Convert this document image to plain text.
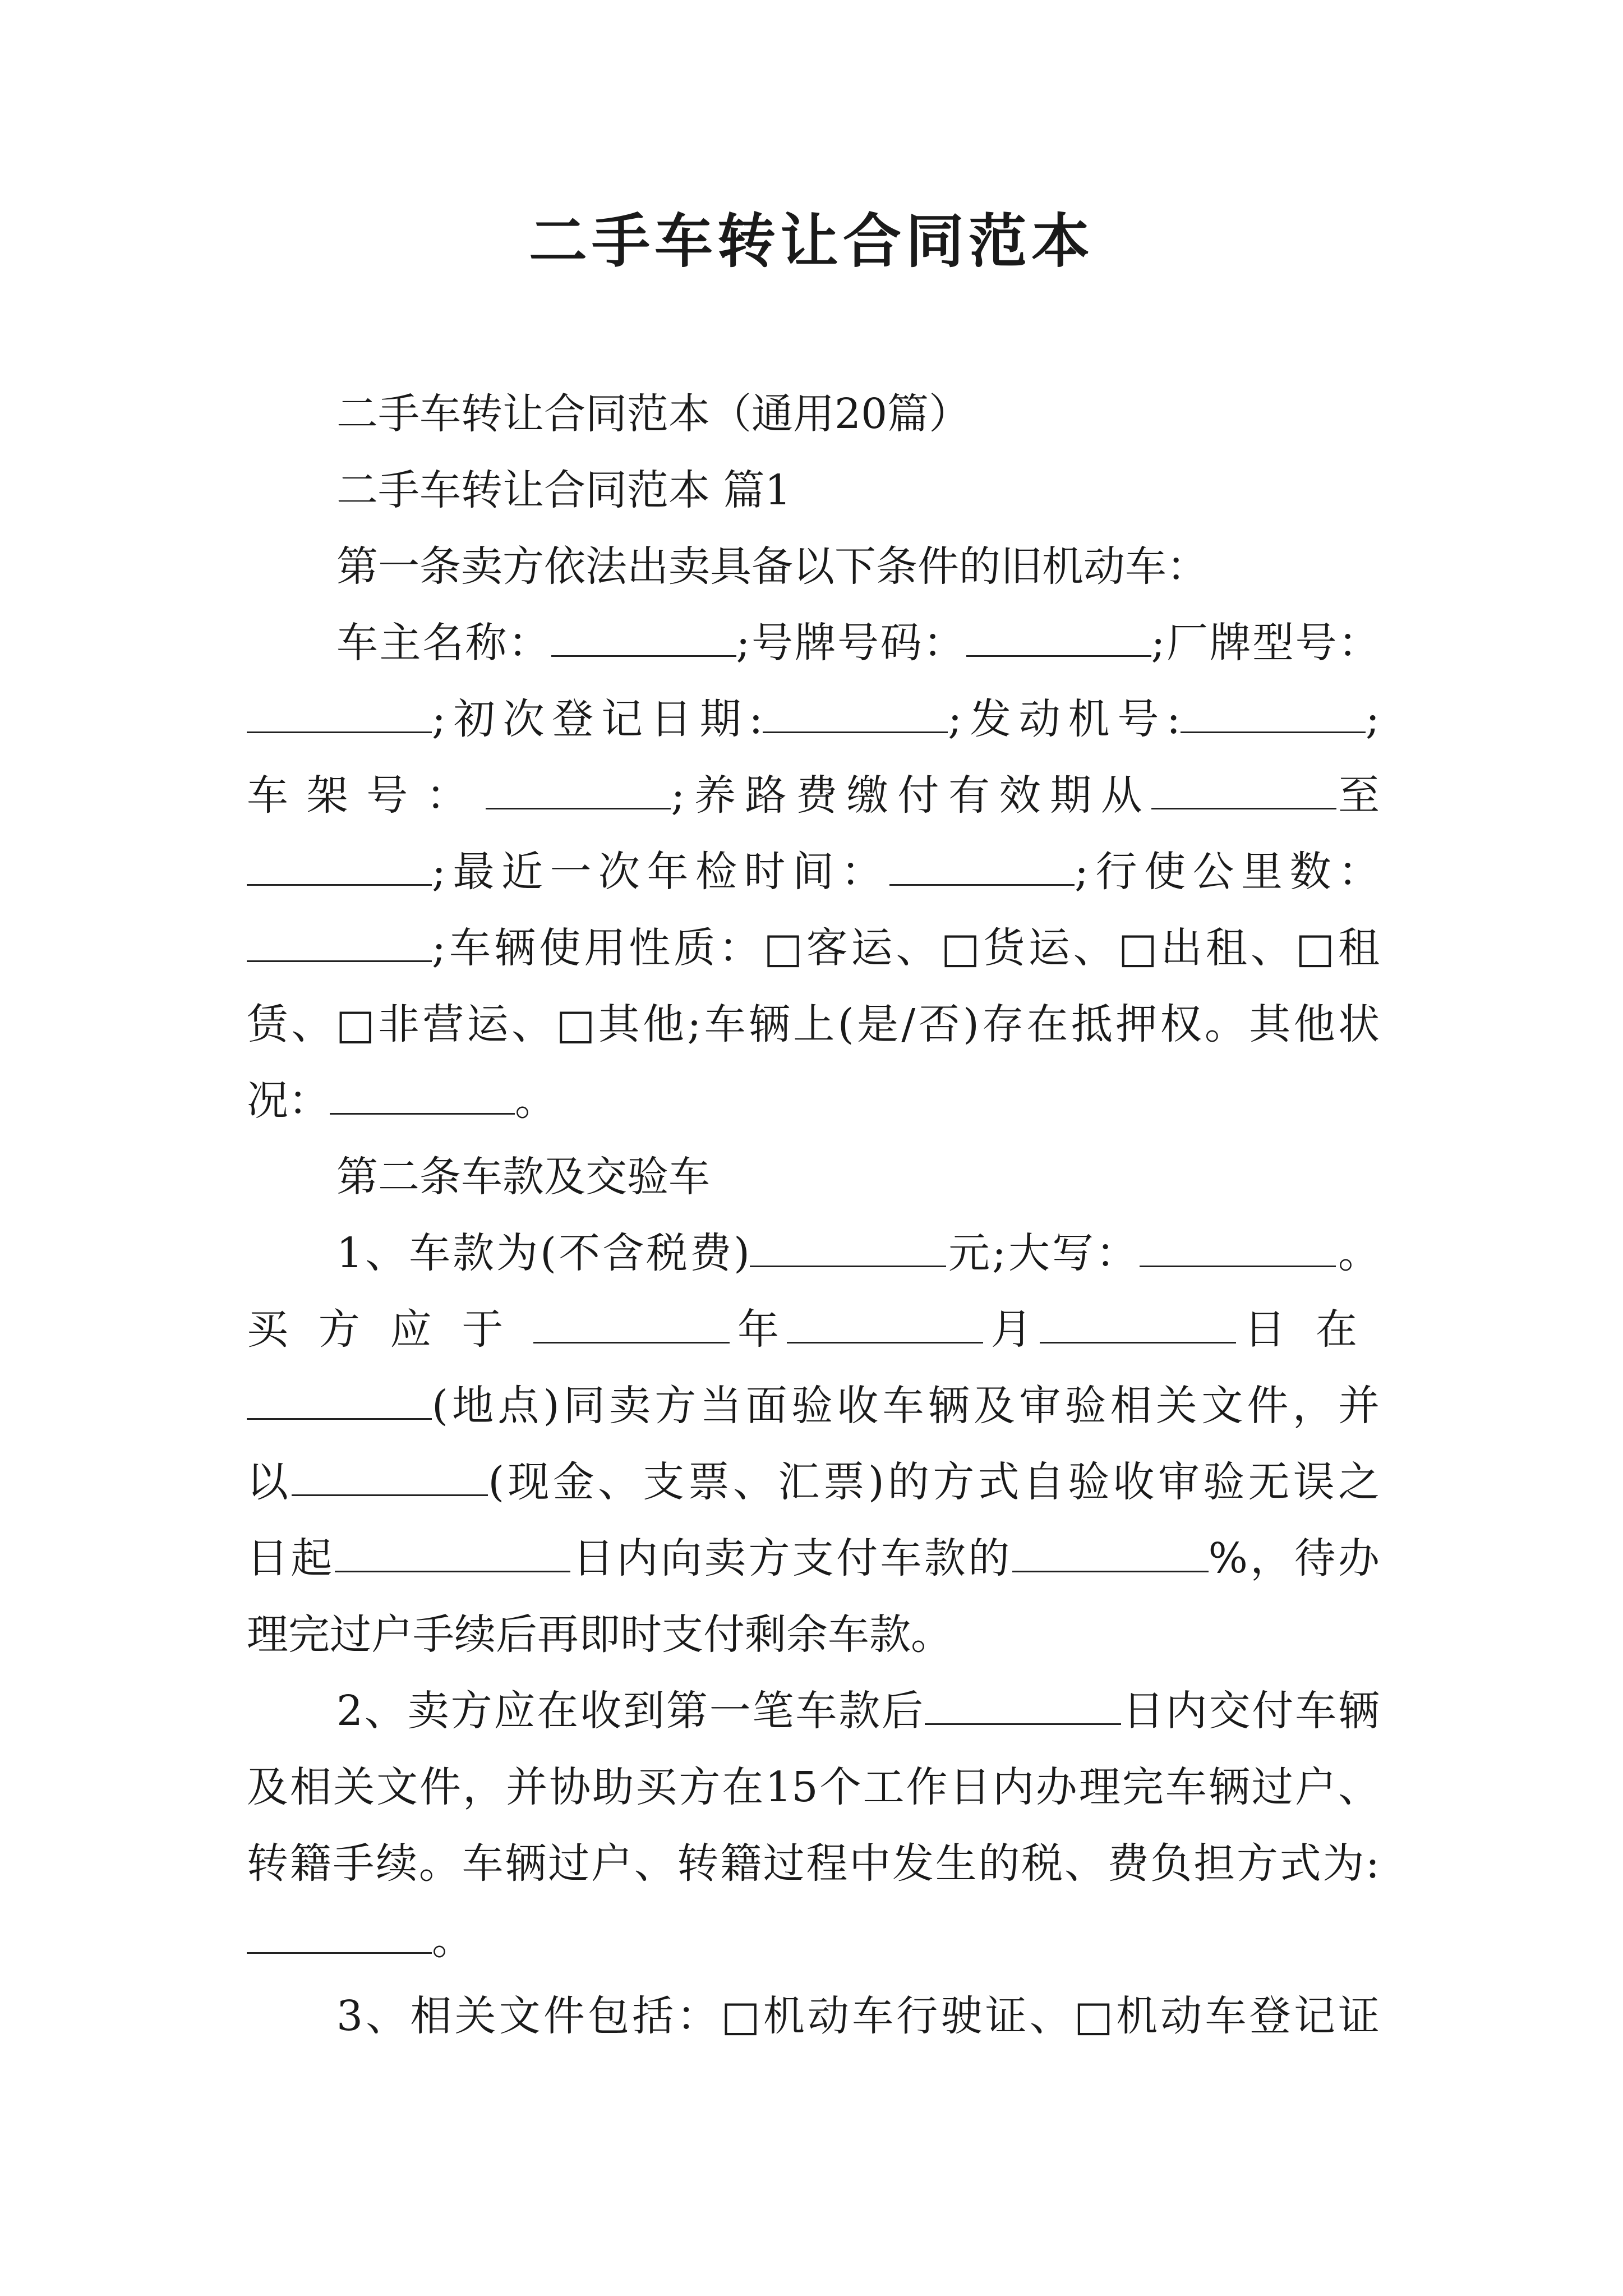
二手车转让合同范本
二手车转让合同范本（通用20篇）
二手车转让合同范本 篇1
第一条卖方依法出卖具备以下条件的旧机动车：
车主名称：	;号牌号码：	;厂牌型号：
;初次登记日期:	;发动机号:	;
车架号：	;养路费缴付有效期从	至
;最近一次年检时间：	;行使公里数：
;车辆使用性质：□客运、□货运、□出租、□租
赁、□非营运、□其他;车辆上(是/否)存在抵押权。其他状
况：	。
第二条车款及交验车
1、车款为(不含税费)	元;大写：	。
买方应于	年	月	日在
(地点)同卖方当面验收车辆及审验相关文件，并
以	(现金、支票、汇票)的方式自验收审验无误之
日起	日内向卖方支付车款的	%，待办
理完过户手续后再即时支付剩余车款。
2、卖方应在收到第一笔车款后	日内交付车辆
及相关文件，并协助买方在15个工作日内办理完车辆过户、
转籍手续。车辆过户、转籍过程中发生的税、费负担方式为:
。
3、相关文件包括：□机动车行驶证、□机动车登记证
